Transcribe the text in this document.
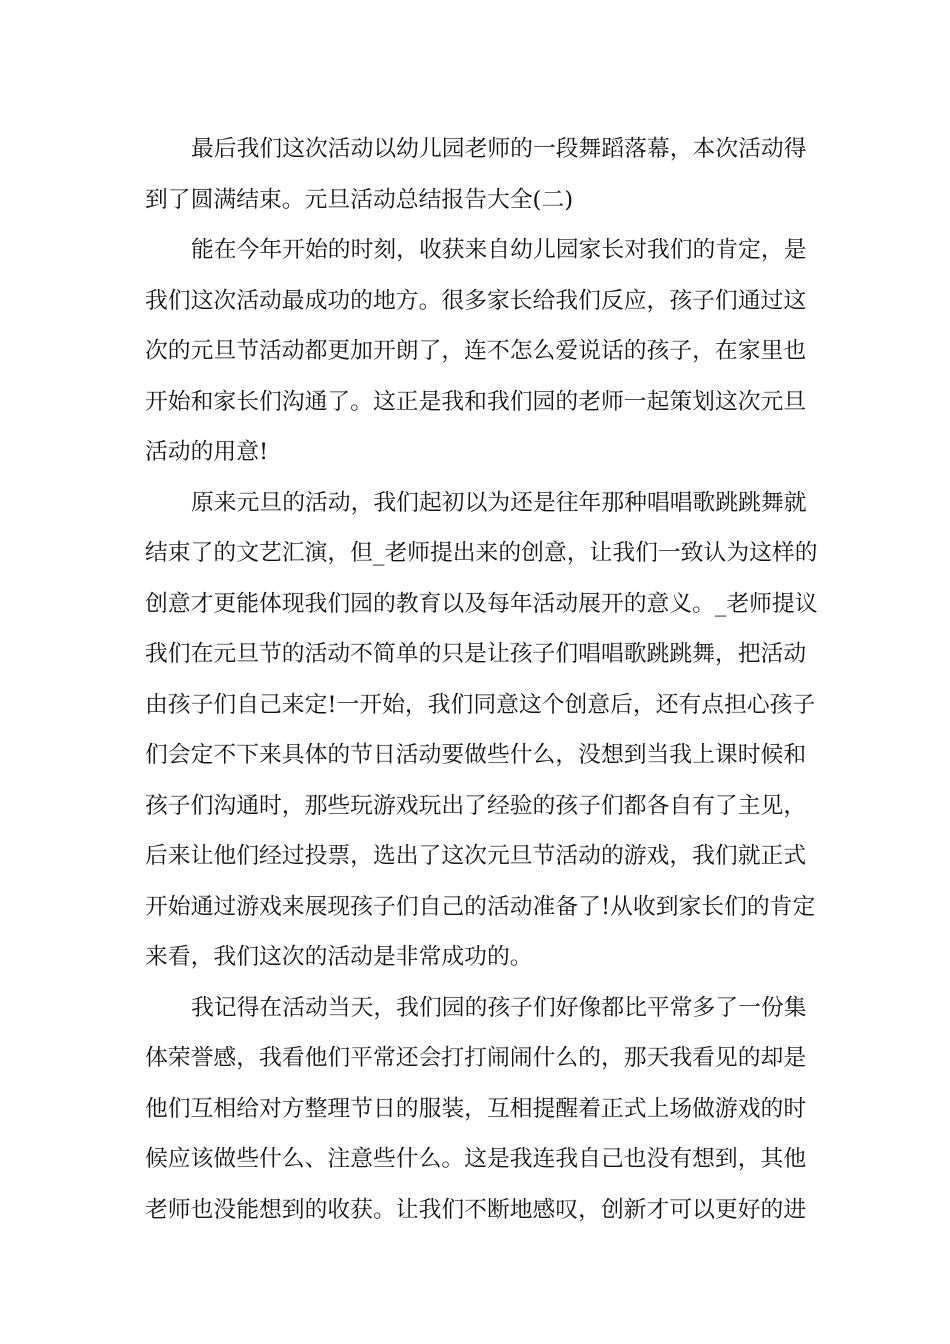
最后我们这次活动以幼儿园老师的一段舞蹈落幕，本次活动得
到了圆满结束。元旦活动总结报告大全(二)
能在今年开始的时刻，收获来自幼儿园家长对我们的肯定，是
我们这次活动最成功的地方。很多家长给我们反应，孩子们通过这
次的元旦节活动都更加开朗了，连不怎么爱说话的孩子，在家里也
开始和家长们沟通了。这正是我和我们园的老师一起策划这次元旦
活动的用意!
原来元旦的活动，我们起初以为还是往年那种唱唱歌跳跳舞就
结束了的文艺汇演，但_老师提出来的创意，让我们一致认为这样的
创意才更能体现我们园的教育以及每年活动展开的意义。_老师提议
我们在元旦节的活动不简单的只是让孩子们唱唱歌跳跳舞，把活动
由孩子们自己来定!一开始，我们同意这个创意后，还有点担心孩子
们会定不下来具体的节日活动要做些什么，没想到当我上课时候和
孩子们沟通时，那些玩游戏玩出了经验的孩子们都各自有了主见，
后来让他们经过投票，选出了这次元旦节活动的游戏，我们就正式
开始通过游戏来展现孩子们自己的活动准备了!从收到家长们的肯定
来看，我们这次的活动是非常成功的。
我记得在活动当天，我们园的孩子们好像都比平常多了一份集
体荣誉感，我看他们平常还会打打闹闹什么的，那天我看见的却是
他们互相给对方整理节日的服装，互相提醒着正式上场做游戏的时
候应该做些什么、注意些什么。这是我连我自己也没有想到，其他
老师也没能想到的收获。让我们不断地感叹，创新才可以更好的进
